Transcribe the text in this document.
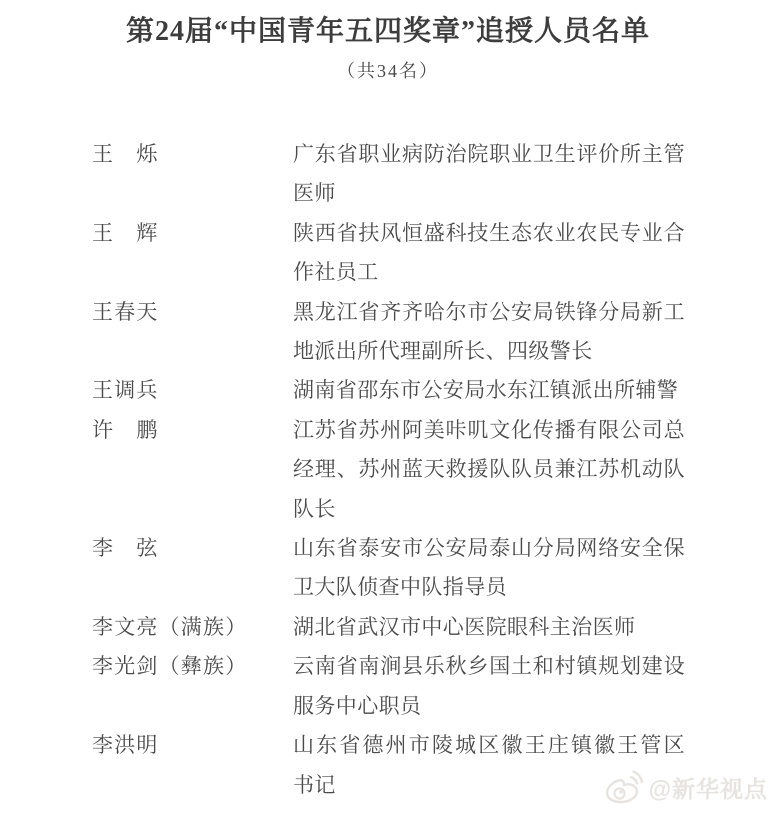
第24届“中国青年五四奖章”追授人员名单
（共34名）
王　烁	广东省职业病防治院职业卫生评价所主管
医师
王　辉	陕西省扶风恒盛科技生态农业农民专业合
作社员工
王春天	黑龙江省齐齐哈尔市公安局铁锋分局新工
地派出所代理副所长、四级警长
王调兵	湖南省邵东市公安局水东江镇派出所辅警
许　鹏	江苏省苏州阿美咔叽文化传播有限公司总
经理、苏州蓝天救援队队员兼江苏机动队
队长
李　弦	山东省泰安市公安局泰山分局网络安全保
卫大队侦查中队指导员
李文亮（满族）	湖北省武汉市中心医院眼科主治医师
李光剑（彝族）	云南省南涧县乐秋乡国土和村镇规划建设
服务中心职员
李洪明	山东省德州市陵城区徽王庄镇徽王管区
书记	@新华视点
